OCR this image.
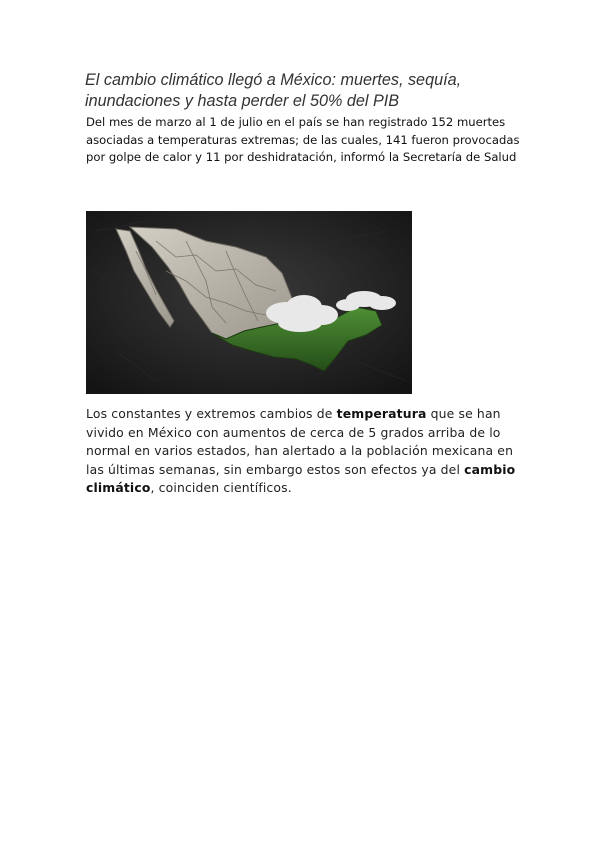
El cambio climático llegó a México: muertes, sequía,
inundaciones y hasta perder el 50% del PIB

Del mes de marzo al 1 de julio en el país se han registrado 152 muertes asociadas a temperaturas extremas; de las cuales, 141 fueron provocadas por golpe de calor y 11 por deshidratación, informó la Secretaría de Salud

Los constantes y extremos cambios de temperatura que se han vivido en México con aumentos de cerca de 5 grados arriba de lo normal en varios estados, han alertado a la población mexicana en las últimas semanas, sin embargo estos son efectos ya del cambio climático, coinciden científicos.
